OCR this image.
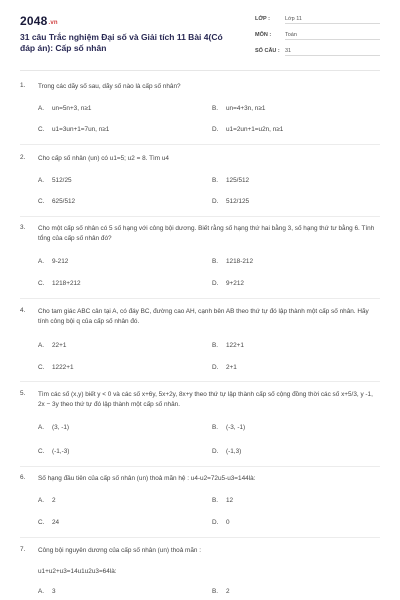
2048.vn
31 câu Trắc nghiệm Đại số và Giải tích 11 Bài 4(Có đáp án): Cấp số nhân
LỚP :	Lớp 11
MÔN :	Toán
SỐ CÂU : 31
1. Trong các dãy số sau, dãy số nào là cấp số nhân?
A. un=5n+3, n≥1	B. un=4+3n, n≥1
C. u1=3un+1=7un, n≥1	D. u1=2un+1=u2n, n≥1
2. Cho cấp số nhân (un) có u1=5; u2 = 8. Tìm u4
A. 512/25	B. 125/512
C. 625/512	D. 512/125
3. Cho một cấp số nhân có 5 số hạng với công bội dương. Biết rằng số hạng thứ hai bằng 3, số hạng thứ tư bằng 6. Tính tổng của cấp số nhân đó?
A. 9-212	B. 1218-212
C. 1218+212	D. 9+212
4. Cho tam giác ABC cân tại A, có đáy BC, đường cao AH, cạnh bên AB theo thứ tự đó lập thành một cấp số nhân. Hãy tính công bội q của cấp số nhân đó.
A. 22+1	B. 122+1
C. 1222+1	D. 2+1
5. Tìm các số (x,y) biết y < 0 và các số x+6y, 5x+2y, 8x+y theo thứ tự lập thành cấp số cộng đồng thời các số x+5/3, y -1, 2x − 3y theo thứ tự đó lập thành một cấp số nhân.
A. (3, -1)	B. (-3, -1)
C. (-1,-3)	D. (-1,3)
6. Số hạng đầu tiên của cấp số nhân (un) thoả mãn hệ : u4-u2=72u5-u3=144là:
A. 2	B. 12
C. 24	D. 0
7. Công bội nguyên dương của cấp số nhân (un) thoả mãn :
u1+u2+u3=14u1u2u3=64là:
A. 3	B. 2
